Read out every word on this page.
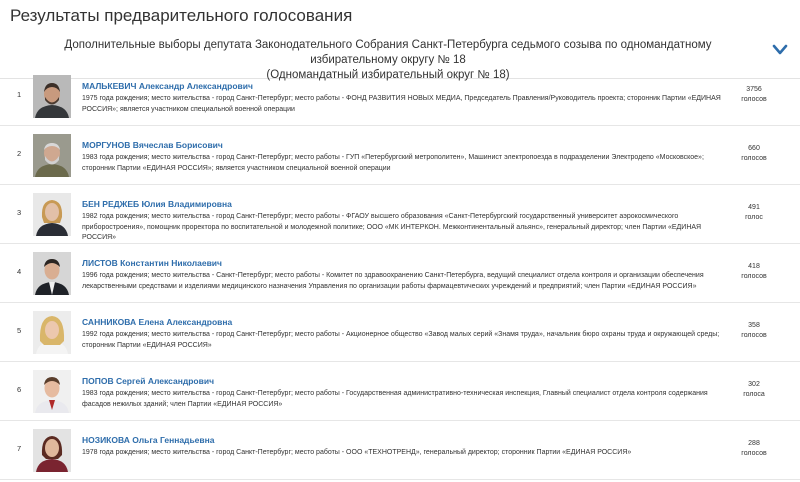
Результаты предварительного голосования
Дополнительные выборы депутата Законодательного Собрания Санкт-Петербурга седьмого созыва по одномандатному избирательному округу № 18
(Одномандатный избирательный округ № 18)
1
МАЛЬКЕВИЧ Александр Александрович
1975 года рождения; место жительства - город Санкт-Петербург; место работы - ФОНД РАЗВИТИЯ НОВЫХ МЕДИА, Председатель Правления/Руководитель проекта; сторонник Партии «ЕДИНАЯ РОССИЯ»; является участником специальной военной операции
3756
голосов
2
МОРГУНОВ Вячеслав Борисович
1983 года рождения; место жительства - город Санкт-Петербург; место работы - ГУП «Петербургский метрополитен», Машинист электропоезда в подразделении Электродепо «Московское»; сторонник Партии «ЕДИНАЯ РОССИЯ»; является участником специальной военной операции
660
голосов
3
БЕН РЕДЖЕБ Юлия Владимировна
1982 года рождения; место жительства - город Санкт-Петербург; место работы - ФГАОУ высшего образования «Санкт-Петербургский государственный университет аэрокосмического приборостроения», помощник проректора по воспитательной и молодежной политике; ООО «МК ИНТЕРКОН. Межконтинентальный альянс», генеральный директор; член Партии «ЕДИНАЯ РОССИЯ»
491
голос
4
ЛИСТОВ Константин Николаевич
1996 года рождения; место жительства - Санкт-Петербург; место работы - Комитет по здравоохранению Санкт-Петербурга, ведущий специалист отдела контроля и организации обеспечения лекарственными средствами и изделиями медицинского назначения Управления по организации работы фармацевтических учреждений и предприятий; член Партии «ЕДИНАЯ РОССИЯ»
418
голосов
5
САННИКОВА Елена Александровна
1992 года рождения; место жительства - город Санкт-Петербург; место работы - Акционерное общество «Завод малых серий «Знамя труда», начальник бюро охраны труда и окружающей среды; сторонник Партии «ЕДИНАЯ РОССИЯ»
358
голосов
6
ПОПОВ Сергей Александрович
1983 года рождения; место жительства - город Санкт-Петербург; место работы - Государственная административно-техническая инспекция, Главный специалист отдела контроля содержания фасадов нежилых зданий; член Партии «ЕДИНАЯ РОССИЯ»
302
голоса
7
НОЗИКОВА Ольга Геннадьевна
1978 года рождения; место жительства - город Санкт-Петербург; место работы - ООО «ТЕХНОТРЕНД», генеральный директор; сторонник Партии «ЕДИНАЯ РОССИЯ»
288
голосов
